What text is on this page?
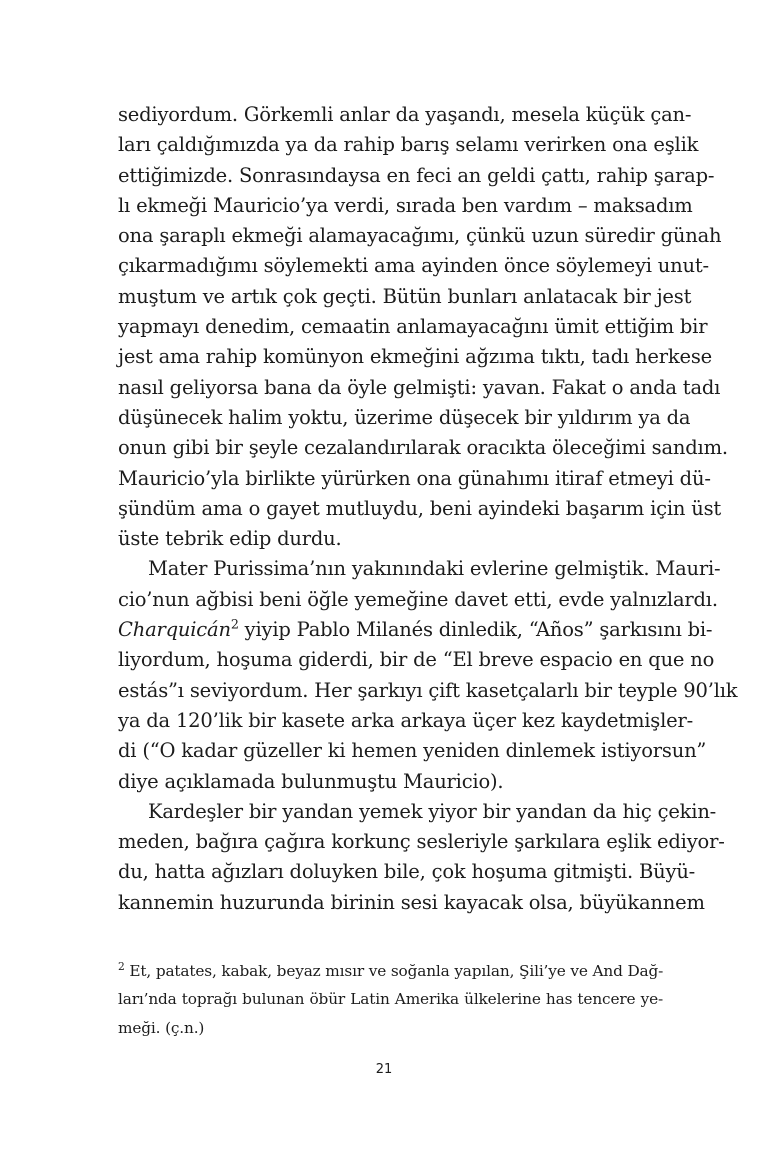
sediyordum. Görkemli anlar da yaşandı, mesela küçük çan-
ları çaldığımızda ya da rahip barış selamı verirken ona eşlik
ettiğimizde. Sonrasındaysa en feci an geldi çattı, rahip şarap-
lı ekmeği Mauricio’ya verdi, sırada ben vardım – maksadım
ona şaraplı ekmeği alamayacağımı, çünkü uzun süredir günah
çıkarmadığımı söylemekti ama ayinden önce söylemeyi unut-
muştum ve artık çok geçti. Bütün bunları anlatacak bir jest
yapmayı denedim, cemaatin anlamayacağını ümit ettiğim bir
jest ama rahip komünyon ekmeğini ağzıma tıktı, tadı herkese
nasıl geliyorsa bana da öyle gelmişti: yavan. Fakat o anda tadı
düşünecek halim yoktu, üzerime düşecek bir yıldırım ya da
onun gibi bir şeyle cezalandırılarak oracıkta öleceğimi sandım.
Mauricio’yla birlikte yürürken ona günahımı itiraf etmeyi dü-
şündüm ama o gayet mutluydu, beni ayindeki başarım için üst
üste tebrik edip durdu.
Mater Purissima’nın yakınındaki evlerine gelmiştik. Mauri-
cio’nun ağbisi beni öğle yemeğine davet etti, evde yalnızlardı.
Charquicán$^2$ yiyip Pablo Milanés dinledik, “Años” şarkısını bi-
liyordum, hoşuma giderdi, bir de “El breve espacio en que no
estás”ı seviyordum. Her şarkıyı çift kasetçalarlı bir teyple 90’lık
ya da 120’lik bir kasete arka arkaya üçer kez kaydetmişler-
di (“O kadar güzeller ki hemen yeniden dinlemek istiyorsun”
diye açıklamada bulunmuştu Mauricio).
Kardeşler bir yandan yemek yiyor bir yandan da hiç çekin-
meden, bağıra çağıra korkunç sesleriyle şarkılara eşlik ediyor-
du, hatta ağızları doluyken bile, çok hoşuma gitmişti. Büyü-
kannemin huzurunda birinin sesi kayacak olsa, büyükannem
$^2$ Et, patates, kabak, beyaz mısır ve soğanla yapılan, Şili’ye ve And Dağ-
ları’nda toprağı bulunan öbür Latin Amerika ülkelerine has tencere ye-
meği. (ç.n.)
21
